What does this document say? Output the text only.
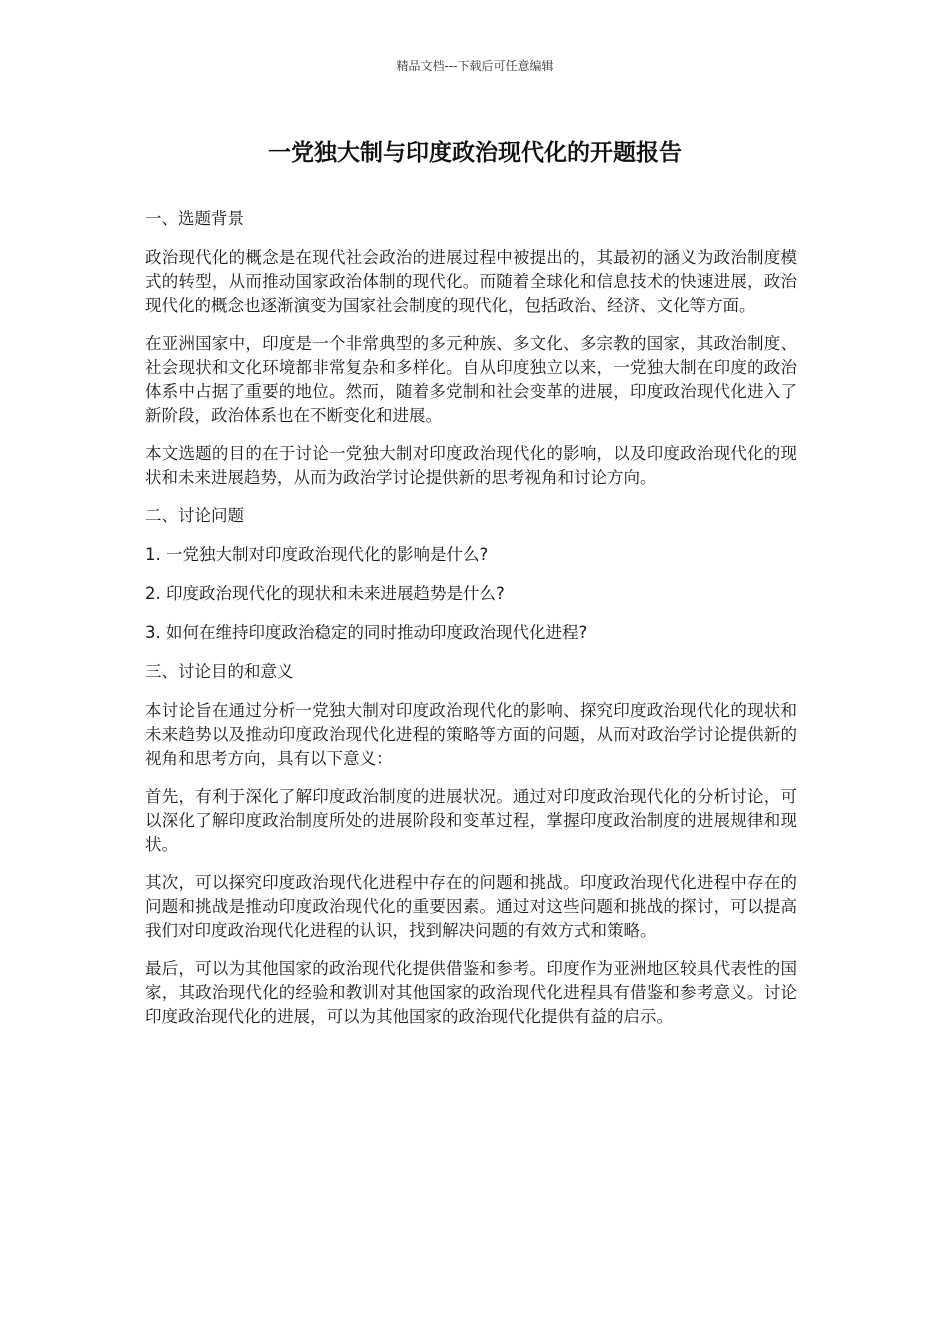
精品文档---下载后可任意编辑
一党独大制与印度政治现代化的开题报告

一、选题背景

政治现代化的概念是在现代社会政治的进展过程中被提出的，其最初的涵义为政治制度模式的转型，从而推动国家政治体制的现代化。而随着全球化和信息技术的快速进展，政治现代化的概念也逐渐演变为国家社会制度的现代化，包括政治、经济、文化等方面。

在亚洲国家中，印度是一个非常典型的多元种族、多文化、多宗教的国家，其政治制度、社会现状和文化环境都非常复杂和多样化。自从印度独立以来，一党独大制在印度的政治体系中占据了重要的地位。然而，随着多党制和社会变革的进展，印度政治现代化进入了新阶段，政治体系也在不断变化和进展。

本文选题的目的在于讨论一党独大制对印度政治现代化的影响，以及印度政治现代化的现状和未来进展趋势，从而为政治学讨论提供新的思考视角和讨论方向。

二、讨论问题

1. 一党独大制对印度政治现代化的影响是什么?

2. 印度政治现代化的现状和未来进展趋势是什么?

3. 如何在维持印度政治稳定的同时推动印度政治现代化进程?

三、讨论目的和意义

本讨论旨在通过分析一党独大制对印度政治现代化的影响、探究印度政治现代化的现状和未来趋势以及推动印度政治现代化进程的策略等方面的问题，从而对政治学讨论提供新的视角和思考方向，具有以下意义：

首先，有利于深化了解印度政治制度的进展状况。通过对印度政治现代化的分析讨论，可以深化了解印度政治制度所处的进展阶段和变革过程，掌握印度政治制度的进展规律和现状。

其次，可以探究印度政治现代化进程中存在的问题和挑战。印度政治现代化进程中存在的问题和挑战是推动印度政治现代化的重要因素。通过对这些问题和挑战的探讨，可以提高我们对印度政治现代化进程的认识，找到解决问题的有效方式和策略。

最后，可以为其他国家的政治现代化提供借鉴和参考。印度作为亚洲地区较具代表性的国家，其政治现代化的经验和教训对其他国家的政治现代化进程具有借鉴和参考意义。讨论印度政治现代化的进展，可以为其他国家的政治现代化提供有益的启示。
